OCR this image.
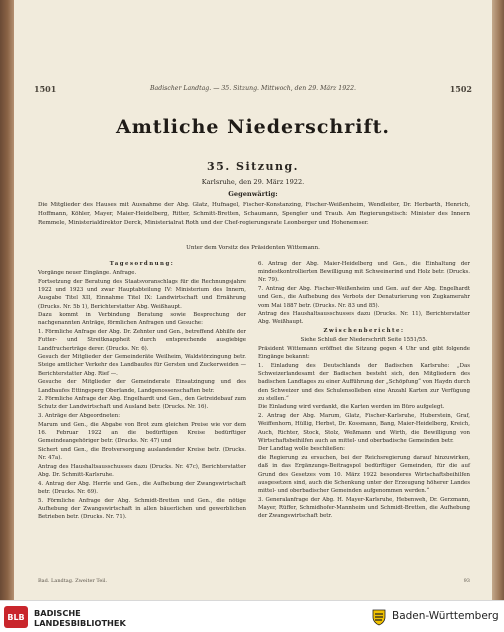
1501	Badischer Landtag. — 35. Sitzung. Mittwoch, den 29. März 1922.	1502
Amtliche Niederschrift.
35. Sitzung.
Karlsruhe, den 29. März 1922.
Gegenwärtig:
Die Mitglieder des Hauses mit Ausnahme der Abg. Glatz, Hufnagel, Fischer-Konstanzing, Fischer-Weißenheim, Wendleiter, Dr. Herbarth, Henrich, Hoffmann, Köhler, Mayer, Maier-Heidelberg, Ritter, Schmitt-Bretten, Schaumann, Spengler und Traub. Am Regierungstisch: Minister des Innern Remmele, Ministerialdirektor Derck, Ministerialrat Roth und der Chef-regierungsrate Leonberger und Hohenemser.
Unter dem Vorsitz des Präsidenten Wittemann.
Tagesordnung:

Vorgänge neuer Eingänge. Anfrage.

Fortsetzung der Beratung des Staatsvoranschlags für die Rechnungsjahre 1922 und 1923 und zwar Hauptabteilung IV: Ministerium des Innern, Ausgabe Titel XII, Einnahme Titel IX: Landwirtschaft und Ernährung (Drucks. Nr. 5b 1), Berichterstatter Abg. Weißhaupt.

Dazu kommt in Verbindung Beratung sowie Besprechung der nachgenannten Anträge, förmlichen Anfragen und Gesuche:

1. Förmliche Anfrage der Abg. Dr. Zehnter und Gen., betreffend Abhilfe der Futter- und Streitknappheit durch entsprechende ausgiebige Landfrucherträge derer. (Drucks. Nr. 6).

Gesuch der Mitglieder der Gemeinderäte Weilheim, Waldstörzingung betr. Steige amtlicher Verkehr des Landbaufes für Gersten und Zuckerweiden — Berichterstatter Abg. Rief —.

Gesuche der Mitglieder der Gemeinderate Einsatzingung und des Landbaufes Ettingsperg Oberlande, Landgenossenschaften betr.

2. Förmliche Anfrage der Abg. Engelhardt und Gen., den Getreidebauf zum Schutz der Landwirtschaft und Ausland betr. (Drucks. Nr. 16).

3. Anträge der Abgeordneten:

Marum und Gen., die Abgabe von Brot zum gleichen Preise wie vor dem 16. Februar 1922 an die bedürftigen Kreise bedürftiger Gemeindeangehöriger betr. (Drucks. Nr. 47) und

Sichert und Gen., die Brotversorgung auslandender Kreise betr. (Drucks. Nr. 47a).

Antrag des Haushaltsausschusses dazu (Drucks. Nr. 47c), Berichterstatter Abg. Dr. Schmitt-Karlsruhe.

4. Antrag der Abg. Herrle und Gen., die Aufhebung der Zwangswirtschaft betr. (Drucks. Nr. 69).

5. Förmliche Anfrage der Abg. Schmidt-Bretten und Gen., die nötige Aufhebung der Zwangswirtschaft in allen bäuerlichen und gewerblichen Betrieben betr. (Drucks. Nr. 71).

6. Antrag der Abg. Maier-Heidelberg und Gen., die Einhaltung der mindestkontrollierten Bewilligung mit Schweinerind und Holz betr. (Drucks. Nr. 79).

7. Antrag der Abg. Fischer-Weißenheim und Gen. auf der Abg. Engelhardt und Gen., die Aufhebung des Verbots der Denaturierung von Zugkamerahr vom Mai 1887 betr. (Drucks. Nr. 83 und 85).

Antrag des Haushaltsausschusses dazu (Drucks. Nr. 11), Berichterstatter Abg. Weißhaupt.

Zwischenberichte:

Siehe Schluß der Niederschrift Seite 1551/55.

Präsident Wittemann eröffnet die Sitzung gegen 4 Uhr und gibt folgende Eingänge bekannt:

1. Einladung des Deutschlands der Badischen Karlsruhe: „Das Schweizerlandesamt der Badischen besteht sich, den Mitgliedern des badischen Landtages zu einer Aufführung der „Schöpfung“ von Haydn durch den Schweizer und des Schulensolleben eine Anzahl Karten zur Verfügung zu stellen.“

Die Einladung wird verdankt, die Karten werden im Büro aufgelegt.

2. Antrag der Abg. Marum, Glatz, Fischer-Karlsruhe, Huberstein, Graf, Weiffenhorn, Hüllig, Herbst, Dr. Kossmann, Bang, Maier-Heidelberg, Kreich, Auch, Richter, Stock, Stolz, Weßmann und Wirth, die Bewilligung von Wirtschaftsbeihilfen auch an mittel- und oberbadische Gemeinden betr.

Der Landtag wolle beschließen:

die Regierung zu ersuchen, bei der Reichsregierung darauf hinzuwirken, daß in das Ergänzungs-Beitragspol bedürftiger Gemeinden, für die auf Grund des Gesetzes vom 10. März 1922 besonderes Wirtschaftsbeihilfen ausgesetzen sind, auch die Schenkung unter der Erzeugung höherer Landes mittel- und oberbadischer Gemeinden aufgenommen werden.“

3. Generalanfrage der Abg. H. Mayer-Karlsruhe, Hebenweh, Dr. Gerzmann, Mayer, Rüffer, Schmidhofer-Mannheim und Schmidt-Bretten, die Aufhebung der Zwangswirtschaft betr.

Bad. Landtag. Zweiter Teil.	93
BLB	BADISCHE
LANDESBIBLIOTHEK
Baden-Württemberg
